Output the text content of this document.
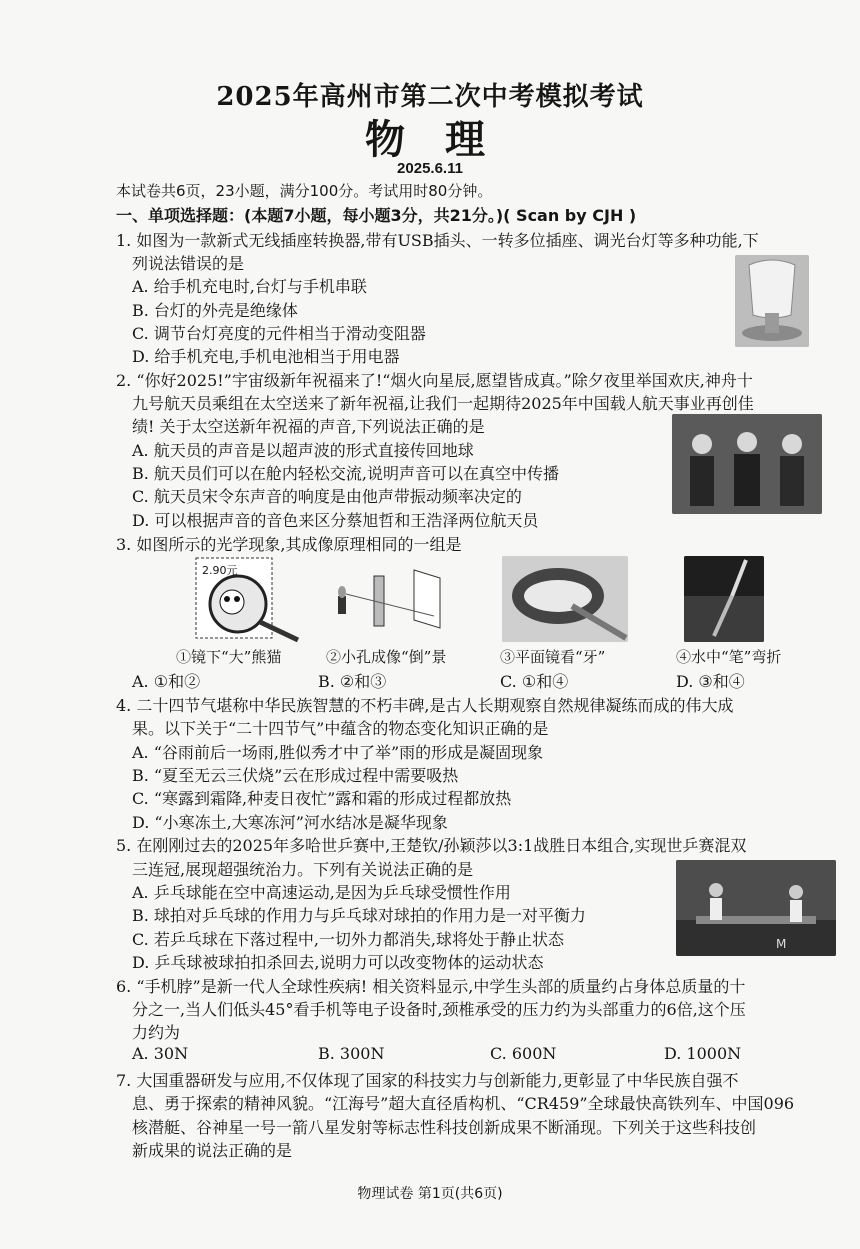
2025年高州市第二次中考模拟考试
物理
2025.6.11
本试卷共6页，23小题，满分100分。考试用时80分钟。
一、单项选择题：(本题7小题，每小题3分，共21分。)( Scan by CJH )
1. 如图为一款新式无线插座转换器,带有USB插头、一转多位插座、调光台灯等多种功能,下
列说法错误的是
A. 给手机充电时,台灯与手机串联
B. 台灯的外壳是绝缘体
C. 调节台灯亮度的元件相当于滑动变阻器
D. 给手机充电,手机电池相当于用电器
2. “你好2025!”宇宙级新年祝福来了!“烟火向星辰,愿望皆成真。”除夕夜里举国欢庆,神舟十
九号航天员乘组在太空送来了新年祝福,让我们一起期待2025年中国载人航天事业再创佳
绩! 关于太空送新年祝福的声音,下列说法正确的是
A. 航天员的声音是以超声波的形式直接传回地球
B. 航天员们可以在舱内轻松交流,说明声音可以在真空中传播
C. 航天员宋令东声音的响度是由他声带振动频率决定的
D. 可以根据声音的音色来区分蔡旭哲和王浩泽两位航天员
3. 如图所示的光学现象,其成像原理相同的一组是
2.90元
①镜下“大”熊猫	②小孔成像“倒”景	③平面镜看“牙”	④水中“笔”弯折
A. ①和②	B. ②和③	C. ①和④	D. ③和④
4. 二十四节气堪称中华民族智慧的不朽丰碑,是古人长期观察自然规律凝练而成的伟大成
果。以下关于“二十四节气”中蕴含的物态变化知识正确的是
A. “谷雨前后一场雨,胜似秀才中了举”雨的形成是凝固现象
B. “夏至无云三伏烧”云在形成过程中需要吸热
C. “寒露到霜降,种麦日夜忙”露和霜的形成过程都放热
D. “小寒冻土,大寒冻河”河水结冰是凝华现象
5. 在刚刚过去的2025年多哈世乒赛中,王楚钦/孙颖莎以3:1战胜日本组合,实现世乒赛混双
三连冠,展现超强统治力。下列有关说法正确的是
A. 乒乓球能在空中高速运动,是因为乒乓球受惯性作用
B. 球拍对乒乓球的作用力与乒乓球对球拍的作用力是一对平衡力
C. 若乒乓球在下落过程中,一切外力都消失,球将处于静止状态
D. 乒乓球被球拍扣杀回去,说明力可以改变物体的运动状态
M
6. “手机脖”是新一代人全球性疾病! 相关资料显示,中学生头部的质量约占身体总质量的十
分之一,当人们低头45°看手机等电子设备时,颈椎承受的压力约为头部重力的6倍,这个压
力约为
A. 30N	B. 300N	C. 600N	D. 1000N
7. 大国重器研发与应用,不仅体现了国家的科技实力与创新能力,更彰显了中华民族自强不
息、勇于探索的精神风貌。“江海号”超大直径盾构机、“CR459”全球最快高铁列车、中国096
核潜艇、谷神星一号一箭八星发射等标志性科技创新成果不断涌现。下列关于这些科技创
新成果的说法正确的是
物理试卷 第1页(共6页)
